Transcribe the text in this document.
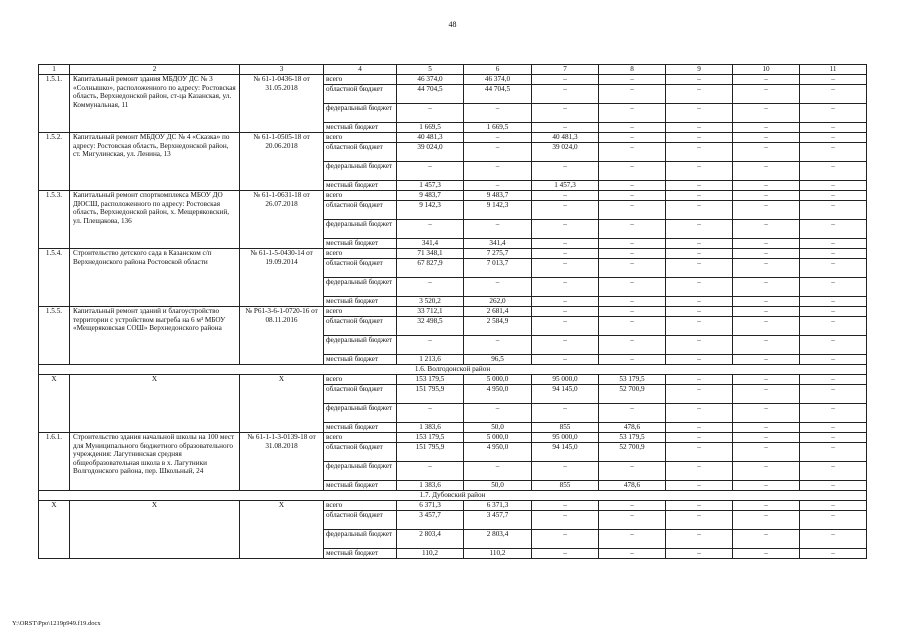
48
1	2	3	4	5	6	7	8	9	10	11
1.5.1.	Капитальный ремонт здания МБДОУ ДС № 3 «Солнышко», расположенного по адресу: Ростовская область, Верхнедонской район, ст-ца Казанская, ул. Коммунальная, 11	№ 61-1-0436-18 от 31.05.2018	всего	46 374,0	46 374,0	–	–	–	–	–
			областной бюджет	44 704,5	44 704,5	–	–	–	–	–
			федеральный бюджет	–	–	–	–	–	–	–
			местный бюджет	1 669,5	1 669,5	–	–	–	–	–
1.5.2.	Капитальный ремонт МБДОУ ДС № 4 «Сказка» по адресу: Ростовская область, Верхнедонской район, ст. Мигулинская, ул. Ленина, 13	№ 61-1-0505-18 от 20.06.2018	всего	40 481,3	–	40 481,3	–	–	–	–
			областной бюджет	39 024,0	–	39 024,0	–	–	–	–
			федеральный бюджет	–	–	–	–	–	–	–
			местный бюджет	1 457,3	–	1 457,3	–	–	–	–
1.5.3.	Капитальный ремонт спорткомплекса МБОУ ДО ДЮСШ, расположенного по адресу: Ростовская область, Верхнедонской район, х. Мещеряковский, ул. Плещакова, 136	№ 61-1-0631-18 от 26.07.2018	всего	9 483,7	9 483,7	–	–	–	–	–
			областной бюджет	9 142,3	9 142,3	–	–	–	–	–
			федеральный бюджет	–	–	–	–	–	–	–
			местный бюджет	341,4	341,4	–	–	–	–	–
1.5.4.	Строительство детского сада в Казанском с/п Верхнедонского района Ростовской области	№ 61-1-5-0430-14 от 19.09.2014	всего	71 348,1	7 275,7	–	–	–	–	–
			областной бюджет	67 827,9	7 013,7	–	–	–	–	–
			федеральный бюджет	–	–	–	–	–	–	–
			местный бюджет	3 520,2	262,0	–	–	–	–	–
1.5.5.	Капитальный ремонт зданий и благоустройство территории с устройством выгреба на 6 м³ МБОУ «Мещеряковская СОШ» Верхнедонского района	№ Р61-3-6-1-0720-16 от 08.11.2016	всего	33 712,1	2 681,4	–	–	–	–	–
			областной бюджет	32 498,5	2 584,9	–	–	–	–	–
			федеральный бюджет	–	–	–	–	–	–	–
			местный бюджет	1 213,6	96,5	–	–	–	–	–
1.6. Волгодонской район										
Х	Х	Х	всего	153 179,5	5 000,0	95 000,0	53 179,5	–	–	–
			областной бюджет	151 795,9	4 950,0	94 145,0	52 700,9	–	–	–
			федеральный бюджет	–	–	–	–	–	–	–
			местный бюджет	1 383,6	50,0	855	478,6	–	–	–
1.6.1.	Строительство здания начальной школы на 100 мест для Муниципального бюджетного образовательного учреждения: Лагутнинская средняя общеобразовательная школа в х. Лагутники Волгодонского района, пер. Школьный, 24	№ 61-1-1-3-0139-18 от 31.08.2018	всего	153 179,5	5 000,0	95 000,0	53 179,5	–	–	–
			областной бюджет	151 795,9	4 950,0	94 145,0	52 700,9	–	–	–
			федеральный бюджет	–	–	–	–	–	–	–
			местный бюджет	1 383,6	50,0	855	478,6	–	–	–
1.7. Дубовский район										
Х	Х	Х	всего	6 371,3	6 371,3	–	–	–	–	–
			областной бюджет	3 457,7	3 457,7	–	–	–	–	–
			федеральный бюджет	2 803,4	2 803,4	–	–	–	–	–
			местный бюджет	110,2	110,2	–	–	–	–	–
Y:\ORST\Ppo\1219p949.f19.docx
